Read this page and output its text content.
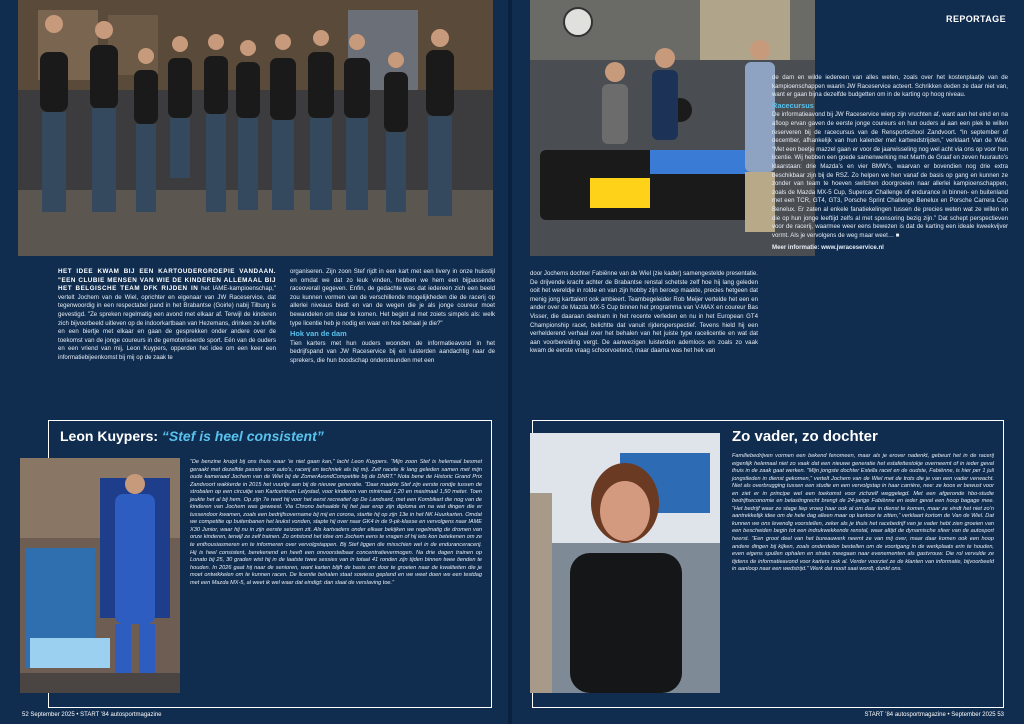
HET IDEE KWAM BIJ EEN KARTOUDERGROEPIE VANDAAN. "EEN CLUBIE MENSEN VAN WIE DE KINDEREN ALLEMAAL BIJ HET BELGISCHE TEAM DFK RIJDEN IN het IAME-kampioenschap," vertelt Jochem van de Wiel, oprichter en eigenaar van JW Raceservice, dat tegenwoordig in een respectabel pand in het Brabantse (Goirle) nabij Tilburg is gevestigd. "Ze spreken regelmatig een avond met elkaar af. Terwijl de kinderen zich bijvoorbeeld uitleven op de indoorkartbaan van Hezemans, drinken ze koffie en een biertje met elkaar en gaan de gesprekken onder andere over de toekomst van de jonge coureurs in de gemotoriseerde sport. Eén van de ouders en een vriend van mij, Leon Kuypers, opperden het idee om een keer een informatiebijeenkomst bij mij op de zaak te

organiseren. Zijn zoon Stef rijdt in een kart met een livery in onze huisstijl en omdat we dat zo leuk vinden, hebben we hem een bijpassende raceoverall gegeven. Enfin, de gedachte was dat iedereen zich een beeld zou kunnen vormen van de verschillende mogelijkheden die de racerij op allerlei niveaus biedt en van de wegen die je als jonge coureur moet bewandelen om daar te komen. Het begint al met zoiets simpels als: welk type licentie heb je nodig en waar en hoe behaal je die?"

Hok van de dam

Tien karters met hun ouders woonden de informatieavond in het bedrijfspand van JW Raceservice bij en luisterden aandachtig naar de sprekers, die hun boodschap ondersteunden met een

Leon Kuypers: “Stef is heel consistent”
“De benzine kruipt bij ons thuis waar ‘ie niet gaan kan,” lacht Leon Kuypers. “Mijn zoon Stef is helemaal besmet geraakt met dezelfde passie voor auto’s, racerij en techniek als bij mij. Zelf racete ik lang geleden samen met mijn oude kameraad Jochem van de Wiel bij de ZomerAvondCompetitie bij de DNRT.” Nota bene de Historic Grand Prix Zandvoort wakkerde in 2015 het vuurtje aan bij de nieuwe generatie. “Daar maakte Stef zijn eerste rondje tussen de strobalen op een circuitje van Kartcentrum Lelystad, voor kinderen van minimaal 1,20 en maximaal 1,50 meter. Toen jeukte het al bij hem. Op zijn 7e reed hij voor het eerst recreatief op De Landsard, met een Kombikart die nog van de kinderen van Jochem was geweest. Via Chrono behaalde hij het jaar erop zijn diploma en na wat dingen die er tussendoor kwamen, zoals een bedrijfsovername bij mij en corona, startte hij op zijn 13e in het NK Huurkarten. Omdat we competitie op buitenbanen het leukst vonden, stapte hij over naar GK4 in de 9-pk-klasse en vervolgens naar IAME X30 Junior, waar hij nu in zijn eerste seizoen zit. Als kartvaders onder elkaar bekijken we regelmatig de dromen van onze kinderen, terwijl ze zelf trainen. Zo ontstond het idee om Jochem eens te vragen of hij iets kon betekenen om ze te enthousiasmeren en te informeren over vervolgstappen. Bij Stef liggen die misschien wel in de enduranceracerij. Hij is heel consistent, berekenend en heeft een onvoorstelbaar concentratievermogen. Na drie dagen trainen op Lonato bij 25, 30 graden wist hij in de laatste twee sessies van in totaal 41 ronden zijn tijden binnen twee tienden te houden. In 2026 gaat hij naar de senioren, want karten blijft de basis om door te groeien naar de kwaliteiten die je moet ontwikkelen om te kunnen racen. De licentie behalen staat sowieso gepland en we weet doen we een testdag met een Mazda MX-5, al weet ik wel waar dat eindigt: dan slaat de verslaving toe.”
52 September 2025 • START ’84 autosportmagazine
REPORTAGE

door Jochems dochter Fabiënne van de Wiel (zie kader) samengestelde presentatie. De drijvende kracht achter de Brabantse renstal schetste zelf hoe hij lang geleden ooit het wereldje in rolde en van zijn hobby zijn beroep maakte, precies hetgeen dat menig jong karttalent ook ambieert. Teambegeleider Rob Meijer vertelde het een en ander over de Mazda MX-5 Cup binnen het programma van V-MAX en coureur Bas Visser, die daaraan deelnam in het recente verleden en nu in het European GT4 Championship racet, belichtte dat vanuit rijdersperspectief. Tevens hield hij een verhelderend verhaal over het behalen van het juiste type racelicentie en wat dat aan voorbereiding vergt. De aanwezigen luisterden ademloos en zoals zo vaak kwam de eerste vraag schoorvoetend, maar daarna was het hek van

de dam en wilde iedereen van alles weten, zoals over het kostenplaatje van de kampioenschappen waarin JW Raceservice acteert. Schrikken deden ze daar niet van, want er gaan bijna dezelfde budgetten om in de karting op hoog niveau.

Racecursus

De informatieavond bij JW Raceservice wierp zijn vruchten af, want aan het eind en na afloop ervan gaven de eerste jonge coureurs en hun ouders al aan een plek te willen reserveren bij de racecursus van de Rensportschool Zandvoort. “In september of december, afhankelijk van hun kalender met kartwedstrijden,” verklaart Van de Wiel. “Met een beetje mazzel gaan er voor de jaarwisseling nog wel acht via ons op voor hun licentie. Wij hebben een goede samenwerking met Marth de Graaf en zeven huurauto’s klaarstaan: drie Mazda’s en vier BMW’s, waarvan er bovendien nog drie extra beschikbaar zijn bij de RSZ. Zo helpen we hen vanaf de basis op gang en kunnen ze zonder van team te hoeven switchen doorgroeien naar allerlei kampioenschappen, zoals de Mazda MX-5 Cup, Supercar Challenge of endurance in binnen- en buitenland met een TCR, GT4, GT3, Porsche Sprint Challenge Benelux en Porsche Carrera Cup Benelux. Er zaten al enkele fanatiekelingen tussen de precies weten wat ze willen en die op hun jonge leeftijd zelfs al met sponsoring bezig zijn.” Dat schept perspectieven voor de racerij, waarmee weer eens bewezen is dat de karting een ideale kweekvijver vormt. Als je vervolgens de weg maar weet… ■

Meer informatie: www.jwraceservice.nl

Zo vader, zo dochter
Familiebedrijven vormen een bekend fenomeen, maar als je erover nadenkt, gebeurt het in de racerij eigenlijk helemaal niet zo vaak dat een nieuwe generatie het estafettestokje overneemt of in ieder geval thuis in de zaak gaat werken. “Mijn jongste dochter Estella racet en de oudste, Fabiënne, is hier per 1 juli jongstleden in dienst gekomen,” vertelt Jochem van de Wiel met de trots die je van een vader verwacht. Niet als overbrugging tussen een studie en een vervolgstap in haar carrière, nee: ze koos er bewust voor en ziet er in principe wel een toekomst voor zichzelf weggelegd. Met een afgeronde hbo-studie bedrijfseconomie en belastingrecht brengt de 24-jarige Fabiënne en ieder geval een hoop bagage mee. “Het bedrijf waar ze stage liep vroeg haar ook al om daar in dienst te komen, maar ze vindt het niet zo’n aantrekkelijk idee om de hele dag alleen maar op kantoor te zitten,” verklaart kortom de Van de Wiel. Dat kunnen we ons levendig voorstellen, zeker als je thuis het racebedrijf van je vader hebt zien groeien van een bescheiden begin tot een indrukwekkende renstal, waar altijd de dynamische sfeer van de autosport heerst. “Een groot deel van het bureauwerk neemt ze van mij over, maar daar komen ook een hoop andere dingen bij kijken, zoals onderdelen bestellen om de voortgang in de werkplaats erin te houden, even eigens spullen ophalen en straks meegaan naar evenementen als gastvrouw. Die rol vervulde ze tijdens de informatieavond voor karters ook al. Verder voorziet ze de klanten van informatie, bijvoorbeeld in aanloop naar een wedstrijd.” Werk dat nooit saai wordt, dunkt ons.
START ’84 autosportmagazine • September 2025 53
